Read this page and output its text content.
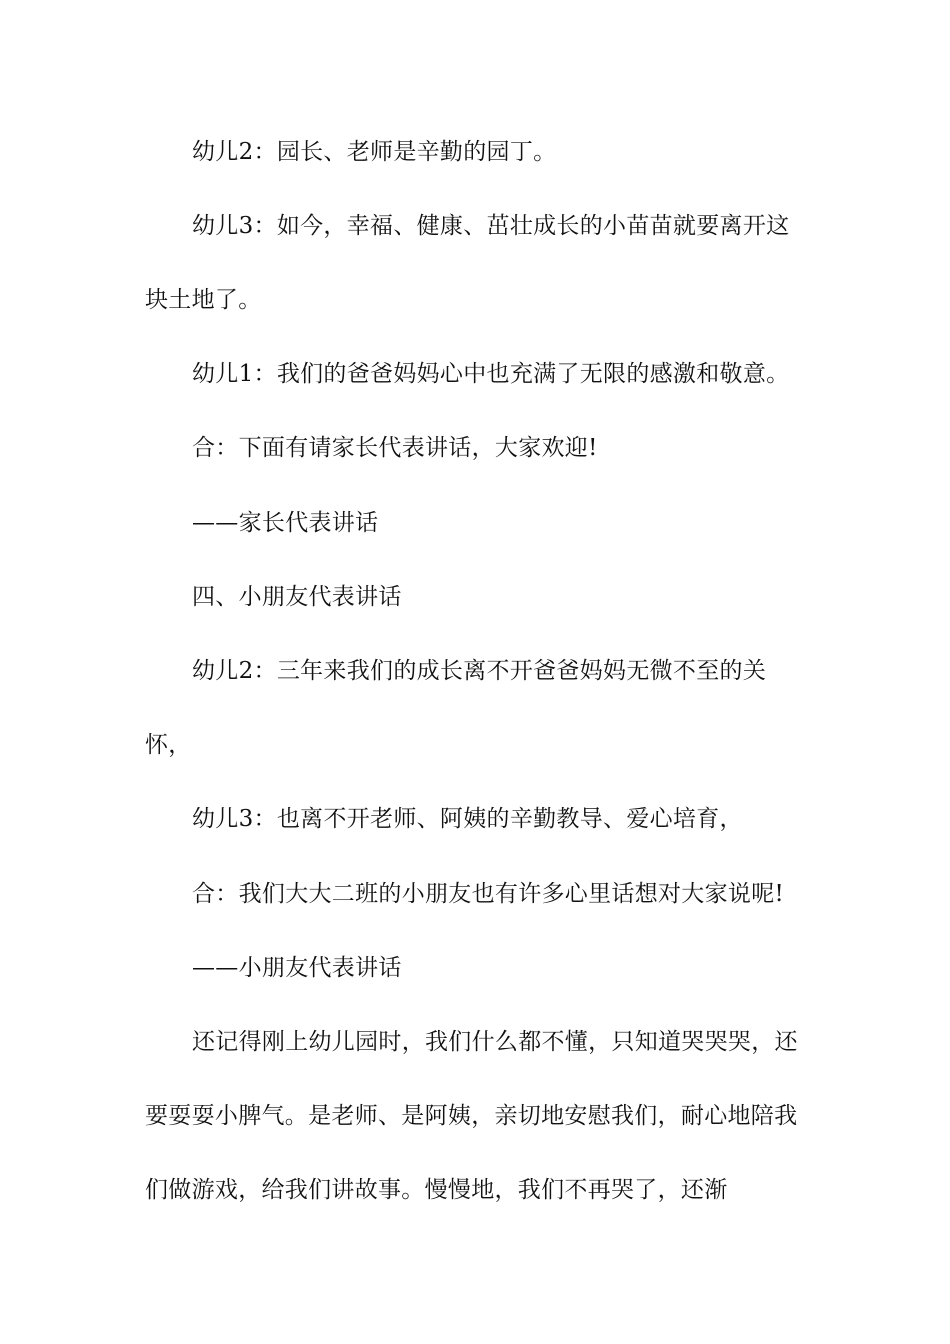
幼儿2：园长、老师是辛勤的园丁。

幼儿3：如今，幸福、健康、茁壮成长的小苗苗就要离开这块土地了。

幼儿1：我们的爸爸妈妈心中也充满了无限的感激和敬意。

合：下面有请家长代表讲话，大家欢迎!

——家长代表讲话

四、小朋友代表讲话

幼儿2：三年来我们的成长离不开爸爸妈妈无微不至的关怀，

幼儿3：也离不开老师、阿姨的辛勤教导、爱心培育，

合：我们大大二班的小朋友也有许多心里话想对大家说呢!

——小朋友代表讲话

还记得刚上幼儿园时，我们什么都不懂，只知道哭哭哭，还要耍耍小脾气。是老师、是阿姨，亲切地安慰我们，耐心地陪我们做游戏，给我们讲故事。慢慢地，我们不再哭了，还渐
